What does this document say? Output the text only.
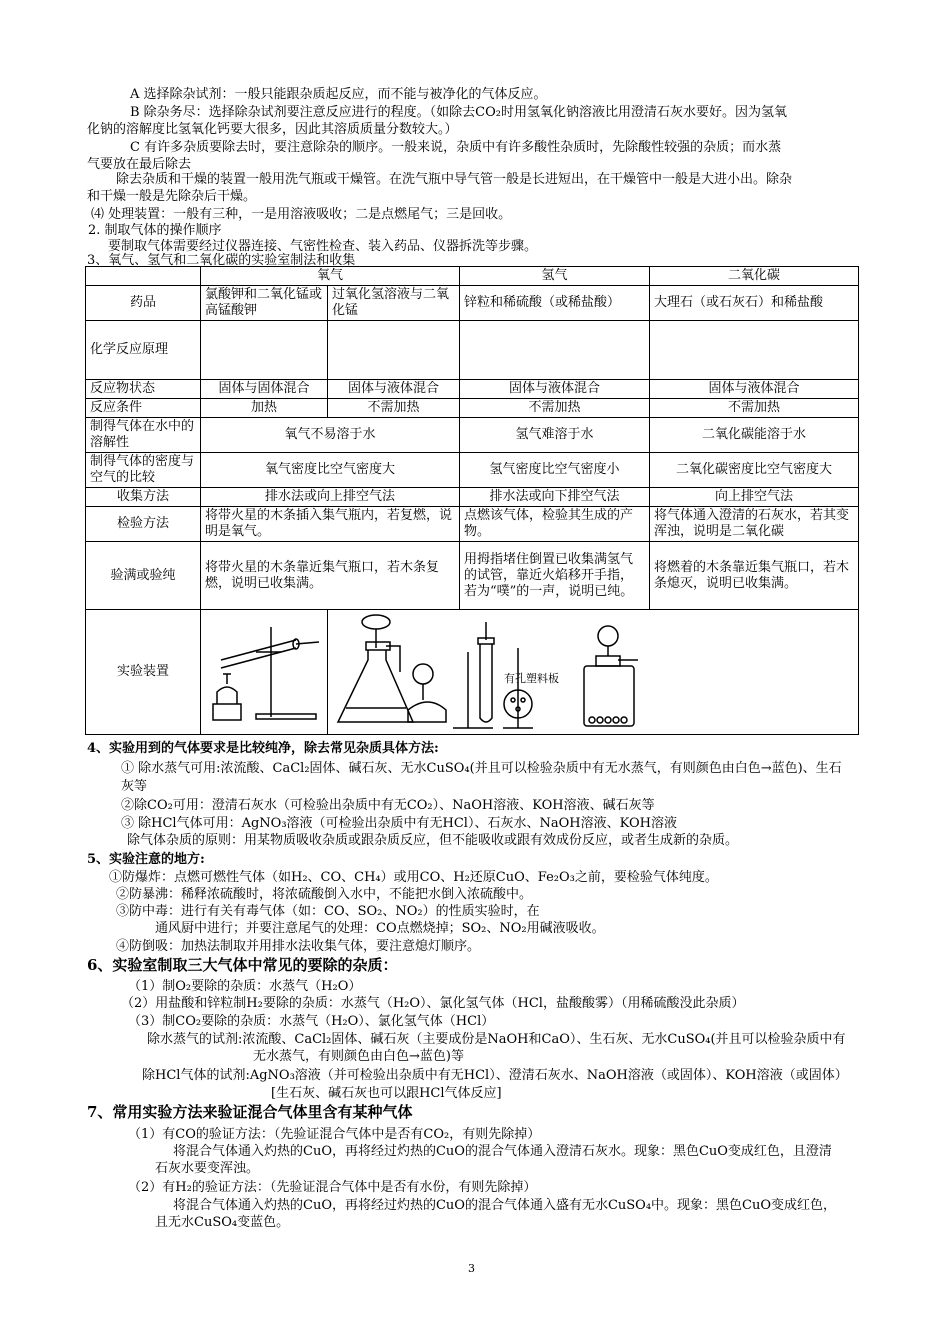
A 选择除杂试剂：一般只能跟杂质起反应，而不能与被净化的气体反应。
B 除杂务尽：选择除杂试剂要注意反应进行的程度。（如除去CO₂时用氢氧化钠溶液比用澄清石灰水要好。因为氢氧
化钠的溶解度比氢氧化钙要大很多，因此其溶质质量分数较大。）
C 有许多杂质要除去时，要注意除杂的顺序。一般来说，杂质中有许多酸性杂质时，先除酸性较强的杂质；而水蒸
气要放在最后除去
除去杂质和干燥的装置一般用洗气瓶或干燥管。在洗气瓶中导气管一般是长进短出，在干燥管中一般是大进小出。除杂
和干燥一般是先除杂后干燥。
⑷ 处理装置：一般有三种，一是用溶液吸收；二是点燃尾气；三是回收。
2. 制取气体的操作顺序
要制取气体需要经过仪器连接、气密性检查、装入药品、仪器拆洗等步骤。
3、氧气、氢气和二氧化碳的实验室制法和收集
	氧气		氢气	二氧化碳
药品	氯酸钾和二氧化锰或高锰酸钾	过氧化氢溶液与二氧化锰	锌粒和稀硫酸（或稀盐酸）	大理石（或石灰石）和稀盐酸
化学反应原理				
反应物状态	固体与固体混合	固体与液体混合	固体与液体混合	固体与液体混合
反应条件	加热	不需加热	不需加热	不需加热
制得气体在水中的溶解性	氧气不易溶于水		氢气难溶于水	二氧化碳能溶于水
制得气体的密度与空气的比较	氧气密度比空气密度大		氢气密度比空气密度小	二氧化碳密度比空气密度大
收集方法	排水法或向上排空气法		排水法或向下排空气法	向上排空气法
检验方法	将带火星的木条插入集气瓶内，若复燃，说明是氧气。		点燃该气体，检验其生成的产物。	将气体通入澄清的石灰水，若其变浑浊，说明是二氧化碳
验满或验纯	将带火星的木条靠近集气瓶口，若木条复燃，说明已收集满。		用拇指堵住倒置已收集满氢气的试管，靠近火焰移开手指，若为“噗”的一声，说明已纯。	将燃着的木条靠近集气瓶口，若木条熄灭，说明已收集满。
实验装置		有孔塑料板		
4、实验用到的气体要求是比较纯净，除去常见杂质具体方法:
① 除水蒸气可用:浓流酸、CaCl₂固体、碱石灰、无水CuSO₄(并且可以检验杂质中有无水蒸气，有则颜色由白色→蓝色)、生石
灰等
②除CO₂可用：澄清石灰水（可检验出杂质中有无CO₂）、NaOH溶液、KOH溶液、碱石灰等
③ 除HCl气体可用：AgNO₃溶液（可检验出杂质中有无HCl）、石灰水、NaOH溶液、KOH溶液
除气体杂质的原则：用某物质吸收杂质或跟杂质反应，但不能吸收或跟有效成份反应，或者生成新的杂质。
5、实验注意的地方:
①防爆炸：点燃可燃性气体（如H₂、CO、CH₄）或用CO、H₂还原CuO、Fe₂O₃之前，要检验气体纯度。
②防暴沸：稀释浓硫酸时，将浓硫酸倒入水中，不能把水倒入浓硫酸中。
③防中毒：进行有关有毒气体（如：CO、SO₂、NO₂）的性质实验时，在
通风厨中进行；并要注意尾气的处理：CO点燃烧掉；SO₂、NO₂用碱液吸收。
④防倒吸：加热法制取并用排水法收集气体，要注意熄灯顺序。
6、实验室制取三大气体中常见的要除的杂质：
（1）制O₂要除的杂质：水蒸气（H₂O）
（2）用盐酸和锌粒制H₂要除的杂质：水蒸气（H₂O）、氯化氢气体（HCl，盐酸酸雾）（用稀硫酸没此杂质）
（3）制CO₂要除的杂质：水蒸气（H₂O）、氯化氢气体（HCl）
除水蒸气的试剂:浓流酸、CaCl₂固体、碱石灰（主要成份是NaOH和CaO）、生石灰、无水CuSO₄(并且可以检验杂质中有
无水蒸气，有则颜色由白色→蓝色)等
除HCl气体的试剂:AgNO₃溶液（并可检验出杂质中有无HCl）、澄清石灰水、NaOH溶液（或固体）、KOH溶液（或固体）
[生石灰、碱石灰也可以跟HCl气体反应]
7、常用实验方法来验证混合气体里含有某种气体
（1）有CO的验证方法：（先验证混合气体中是否有CO₂，有则先除掉）
将混合气体通入灼热的CuO，再将经过灼热的CuO的混合气体通入澄清石灰水。现象：黑色CuO变成红色，且澄清
石灰水要变浑浊。
（2）有H₂的验证方法：（先验证混合气体中是否有水份，有则先除掉）
将混合气体通入灼热的CuO，再将经过灼热的CuO的混合气体通入盛有无水CuSO₄中。现象：黑色CuO变成红色，
且无水CuSO₄变蓝色。
3
